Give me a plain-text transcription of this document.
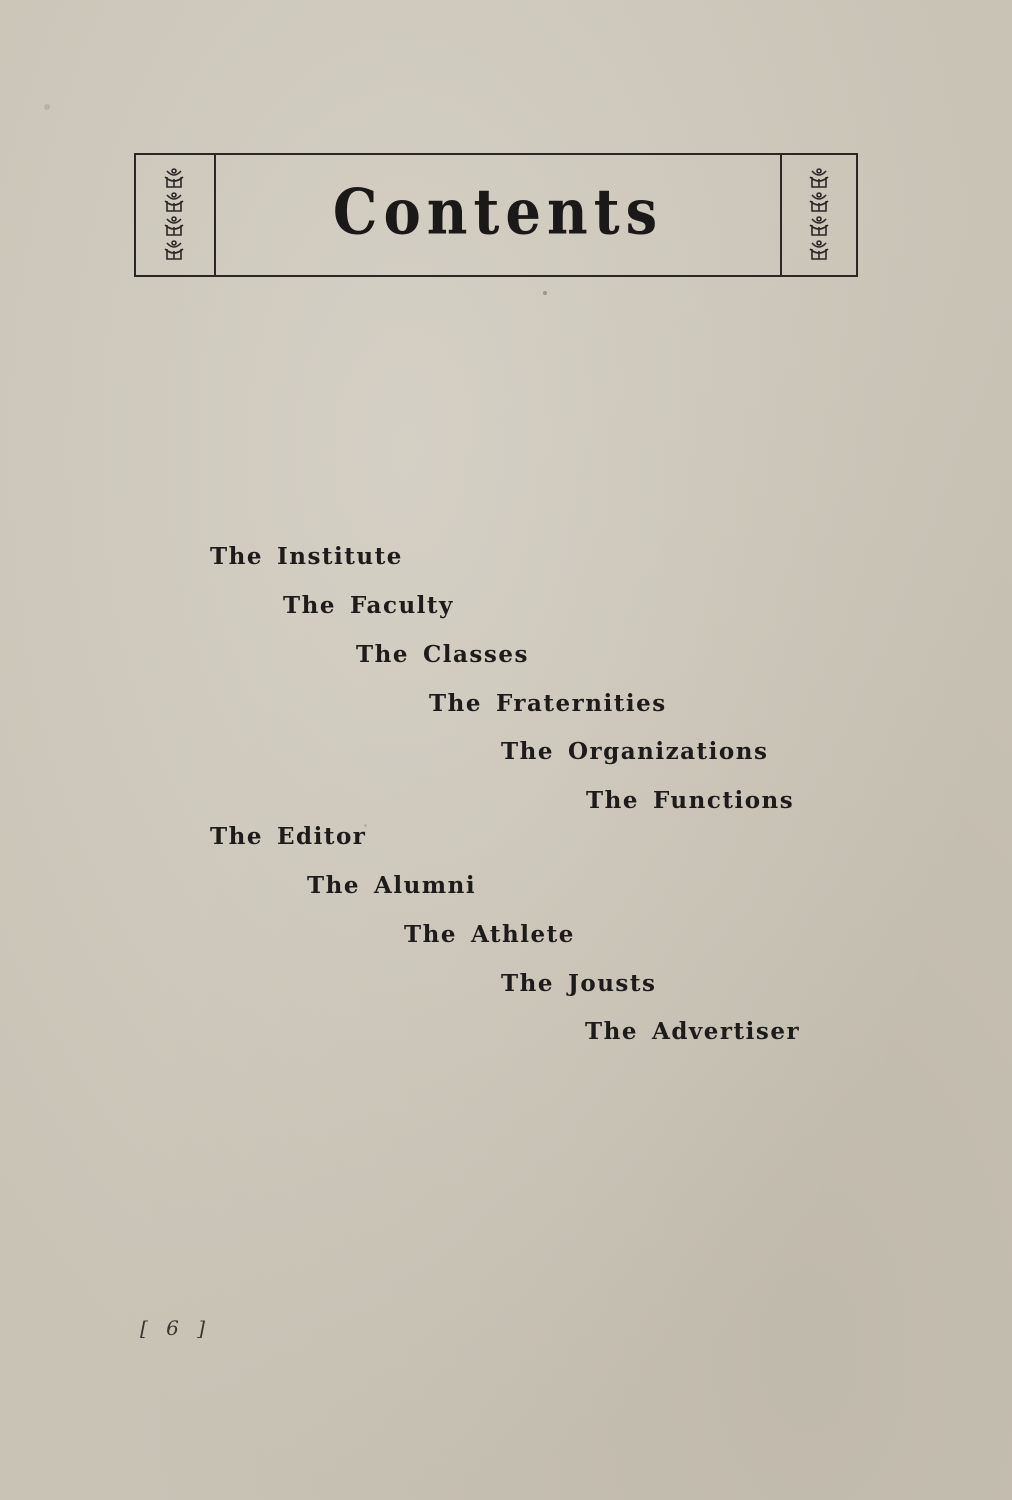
Contents
The Institute
The Faculty
The Classes
The Fraternities
The Organizations
The Functions
The Editor
The Alumni
The Athlete
The Jousts
The Advertiser
[ 6 ]
